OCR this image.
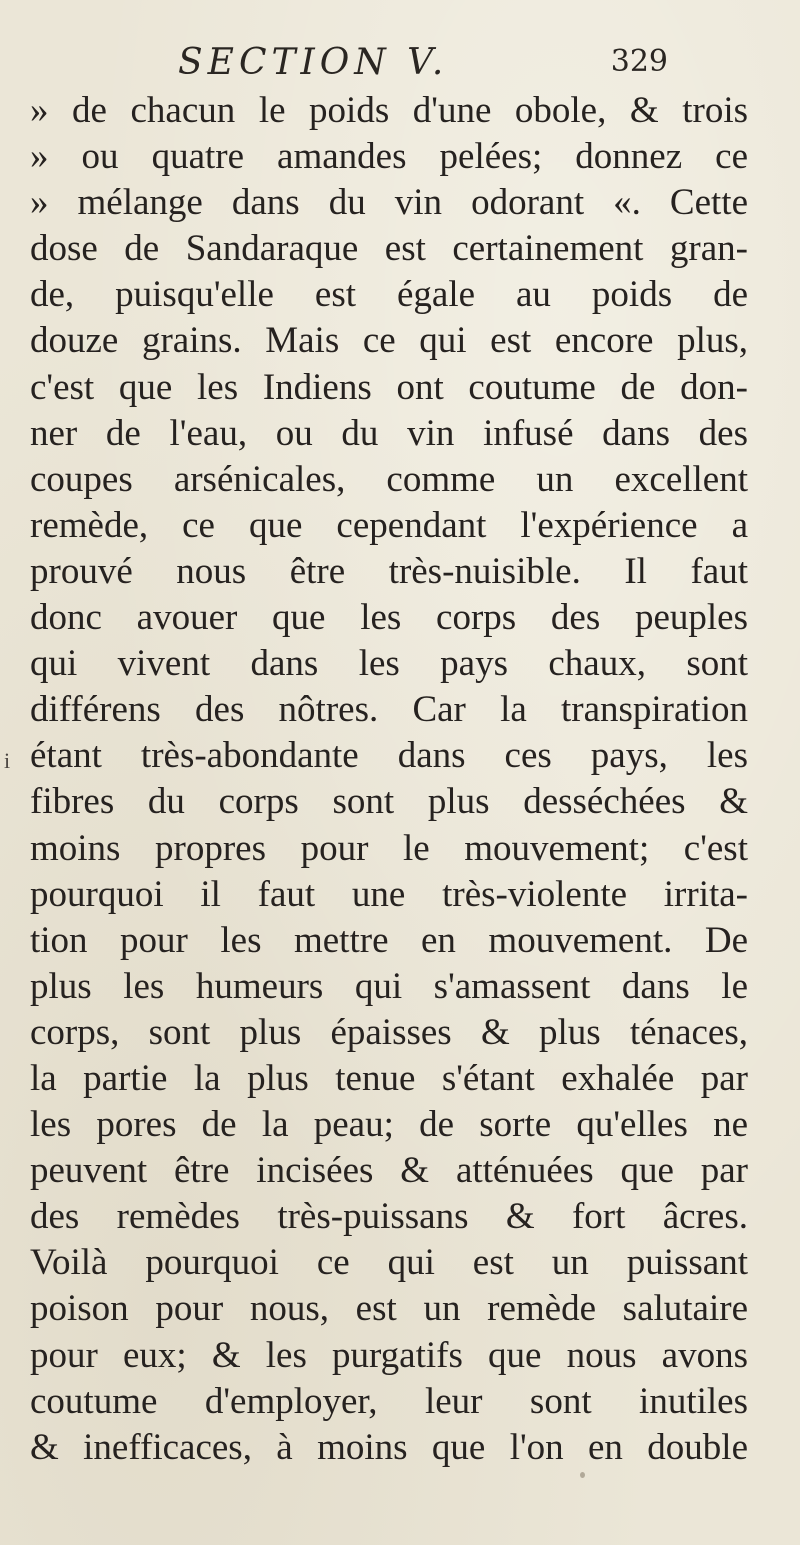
SECTION V.	329
i
» de chacun le poids d'une obole, & trois
» ou quatre amandes pelées; donnez ce
» mélange dans du vin odorant «. Cette
dose de Sandaraque est certainement gran-
de, puisqu'elle est égale au poids de
douze grains. Mais ce qui est encore plus,
c'est que les Indiens ont coutume de don-
ner de l'eau, ou du vin infusé dans des
coupes arsénicales, comme un excellent
remède, ce que cependant l'expérience a
prouvé nous être très-nuisible. Il faut
donc avouer que les corps des peuples
qui vivent dans les pays chaux, sont
différens des nôtres. Car la transpiration
étant très-abondante dans ces pays, les
fibres du corps sont plus desséchées &
moins propres pour le mouvement; c'est
pourquoi il faut une très-violente irrita-
tion pour les mettre en mouvement. De
plus les humeurs qui s'amassent dans le
corps, sont plus épaisses & plus ténaces,
la partie la plus tenue s'étant exhalée par
les pores de la peau; de sorte qu'elles ne
peuvent être incisées & atténuées que par
des remèdes très-puissans & fort âcres.
Voilà pourquoi ce qui est un puissant
poison pour nous, est un remède salutaire
pour eux; & les purgatifs que nous avons
coutume d'employer, leur sont inutiles
& inefficaces, à moins que l'on en double
